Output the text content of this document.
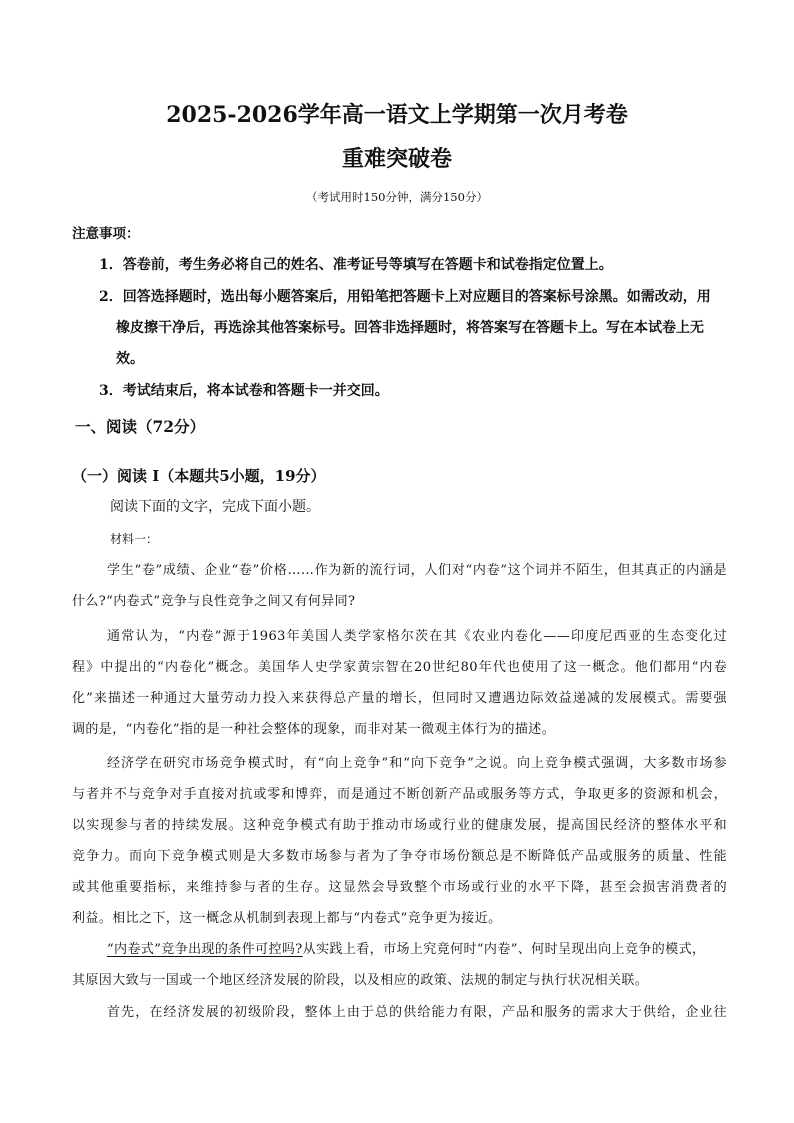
2025-2026学年高一语文上学期第一次月考卷
重难突破卷
（考试用时150分钟，满分150分）
注意事项：
1．答卷前，考生务必将自己的姓名、准考证号等填写在答题卡和试卷指定位置上。
2．回答选择题时，选出每小题答案后，用铅笔把答题卡上对应题目的答案标号涂黑。如需改动，用
橡皮擦干净后，再选涂其他答案标号。回答非选择题时，将答案写在答题卡上。写在本试卷上无
效。
3．考试结束后，将本试卷和答题卡一并交回。
一、阅读（72分）
（一）阅读 I（本题共5小题，19分）
阅读下面的文字，完成下面小题。
材料一：
学生“卷”成绩、企业“卷”价格……作为新的流行词，人们对“内卷”这个词并不陌生，但其真正的内涵是
什么?“内卷式”竞争与良性竞争之间又有何异同?
通常认为，“内卷”源于1963年美国人类学家格尔茨在其《农业内卷化——印度尼西亚的生态变化过
程》中提出的“内卷化”概念。美国华人史学家黄宗智在20世纪80年代也使用了这一概念。他们都用“内卷
化”来描述一种通过大量劳动力投入来获得总产量的增长，但同时又遭遇边际效益递减的发展模式。需要强
调的是，“内卷化”指的是一种社会整体的现象，而非对某一微观主体行为的描述。
经济学在研究市场竞争模式时，有“向上竞争”和“向下竞争”之说。向上竞争模式强调，大多数市场参
与者并不与竞争对手直接对抗或零和博弈，而是通过不断创新产品或服务等方式，争取更多的资源和机会，
以实现参与者的持续发展。这种竞争模式有助于推动市场或行业的健康发展，提高国民经济的整体水平和
竞争力。而向下竞争模式则是大多数市场参与者为了争夺市场份额总是不断降低产品或服务的质量、性能
或其他重要指标，来维持参与者的生存。这显然会导致整个市场或行业的水平下降，甚至会损害消费者的
利益。相比之下，这一概念从机制到表现上都与“内卷式”竞争更为接近。
“内卷式”竞争出现的条件可控吗?从实践上看，市场上究竟何时“内卷”、何时呈现出向上竞争的模式，
其原因大致与一国或一个地区经济发展的阶段，以及相应的政策、法规的制定与执行状况相关联。
首先，在经济发展的初级阶段，整体上由于总的供给能力有限，产品和服务的需求大于供给，企业往
